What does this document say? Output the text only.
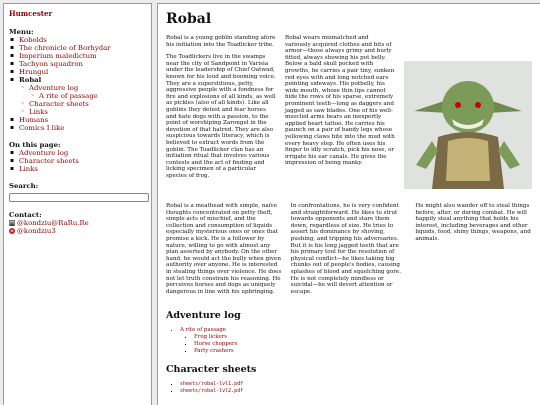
Humcester
Menu:
▪ Kobolds
▪ The chronicle of Borhydar
▪ Imperium maledictum
▪ Tachyon squadron
▪ Hrungul
▪ Robal
◦ Adventure log
◦ A rite of passage
◦ Character sheets
◦ Links
▪ Humans
▪ Comics I like
On this page:
▪ Adventure log
▪ Character sheets
▪ Links
Search:
Contact:
@kondziu@RaRu.Re
@kondziu3
Robal

Robal is a young goblin standing afore his initiation into the Toadlicker tribe.

The Toadlickers live in the swamps near the city of Sandpoint in Varisia under the leadership of Chief Oatwad, known for his loud and booming voice. They are a superstitious, petty, aggressive people with a fondness for fire and explosions of all kinds, as well as pickles (also of all kinds). Like all goblins they detest and fear horses and hate dogs with a passion, to the point of worshiping Zarongel in the devotion of that hatred. They are also suspicious towards literacy, which is believed to extract words from the goblin. The Toadlicker clan has an initiation ritual that involves various contests and the act of finding and licking specimen of a particular species of frog.

Robal wears mismatched and variously acquired clothes and bits of armor—those always grimy and burly fitted, always showing his pot belly. Below a bald skull pocked with growths, he carries a pair tiny, sunken red eyes with and long notched ears pointing sideways. His potbelly, his wide mouth, whose thin lips cannot hide the rows of his sparse, extremely prominent teeth—long as daggers and jagged as saw blades. One of his well-muscled arms bears an inexpertly applied heart tattoo. He carries his paunch on a pair of bandy legs whose yellowing claws bite into the mud with every heavy step. He often uses his finger to idly scratch, pick his nose, or irrigate his ear canals. He gives the impression of being manky.

Robal is a meathead with simple, naïve thoughts concentrated on petty theft, simple acts of mischief, and the collection and consumption of liquids especially mysterious ones or ones that promise a kick. He is a follower by nature, willing to go with almost any plan asserted by anybody. On the other hand, he would act the bully when given authority over anyone. He is interested in stealing things over violence. He does not let truth constrain his reasoning. He perceives horses and dogs as uniquely dangerous in line with his upbringing.

In confrontations, he is very confident and straightforward. He likes to strut towards opponents and stare them down, regardless of size. He tries to assert his dominance by shoving, pushing, and tripping his adversaries. But it is his long jagged teeth that are his primary tool for the resolution of physical conflict—he likes taking big chunks out of people's bodies, causing splashes of blood and squelching gore. He is not completely mindless or suicidal—he will devert attention or escape.

He might also wander off to steal things before, after, or during combat. He will happily steal anything that holds his interest, including beverages and other liquids, food, shiny things, weapons, and animals.

Adventure log
• A rite of passage
▪ Frog lickers
▪ Horse choppers
▪ Party crashers
Character sheets
▪ sheets/robal-lvl1.pdf
▪ sheets/robal-lvl2.pdf
